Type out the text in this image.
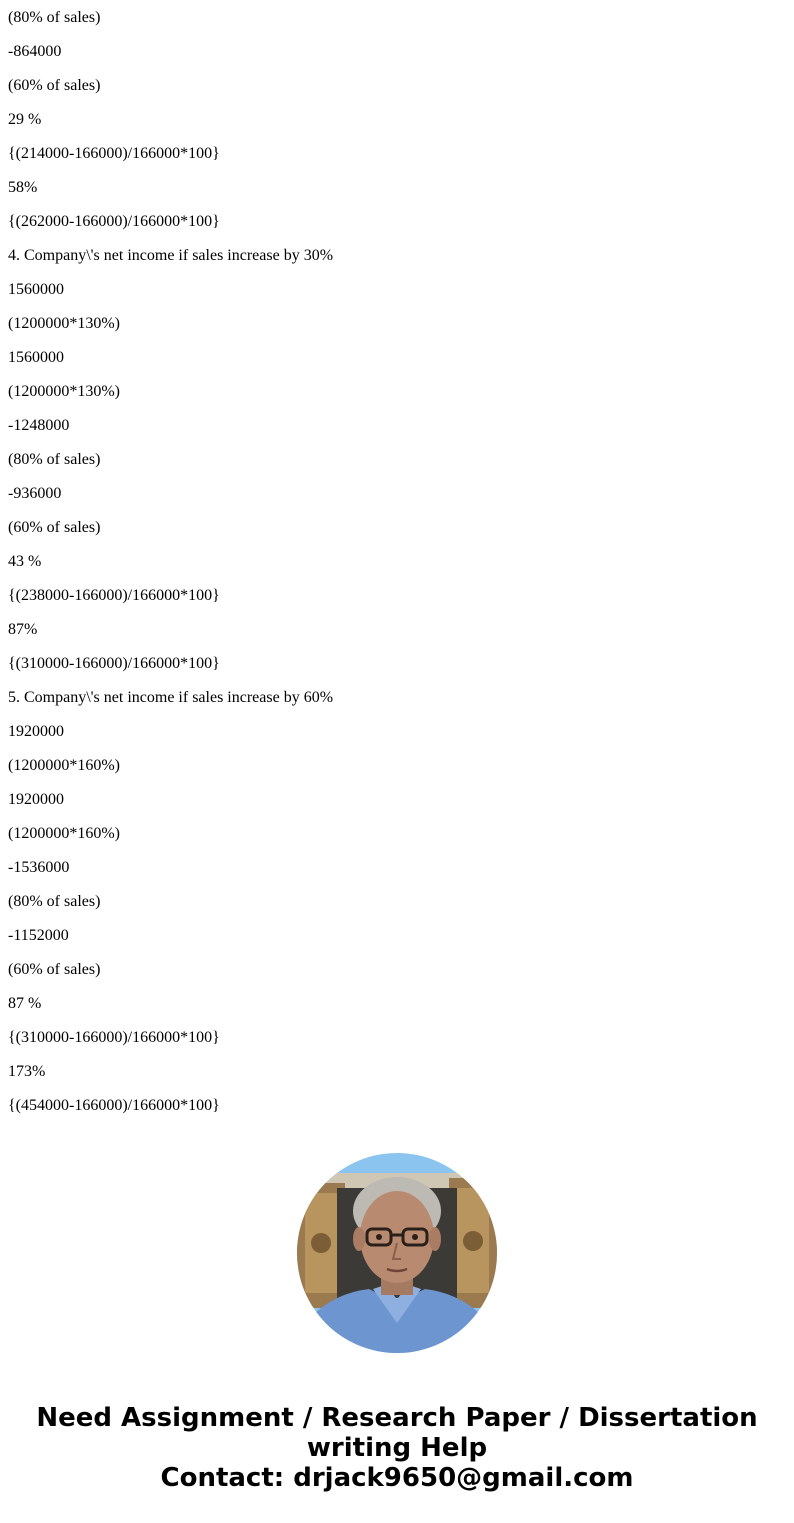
(80% of sales)
-864000
(60% of sales)
29 %
{(214000-166000)/166000*100}
58%
{(262000-166000)/166000*100}
4. Company\'s net income if sales increase by 30%
1560000
(1200000*130%)
1560000
(1200000*130%)
-1248000
(80% of sales)
-936000
(60% of sales)
43 %
{(238000-166000)/166000*100}
87%
{(310000-166000)/166000*100}
5. Company\'s net income if sales increase by 60%
1920000
(1200000*160%)
1920000
(1200000*160%)
-1536000
(80% of sales)
-1152000
(60% of sales)
87 %
{(310000-166000)/166000*100}
173%
{(454000-166000)/166000*100}
Need Assignment / Research Paper / Dissertation
writing Help
Contact: drjack9650@gmail.com
